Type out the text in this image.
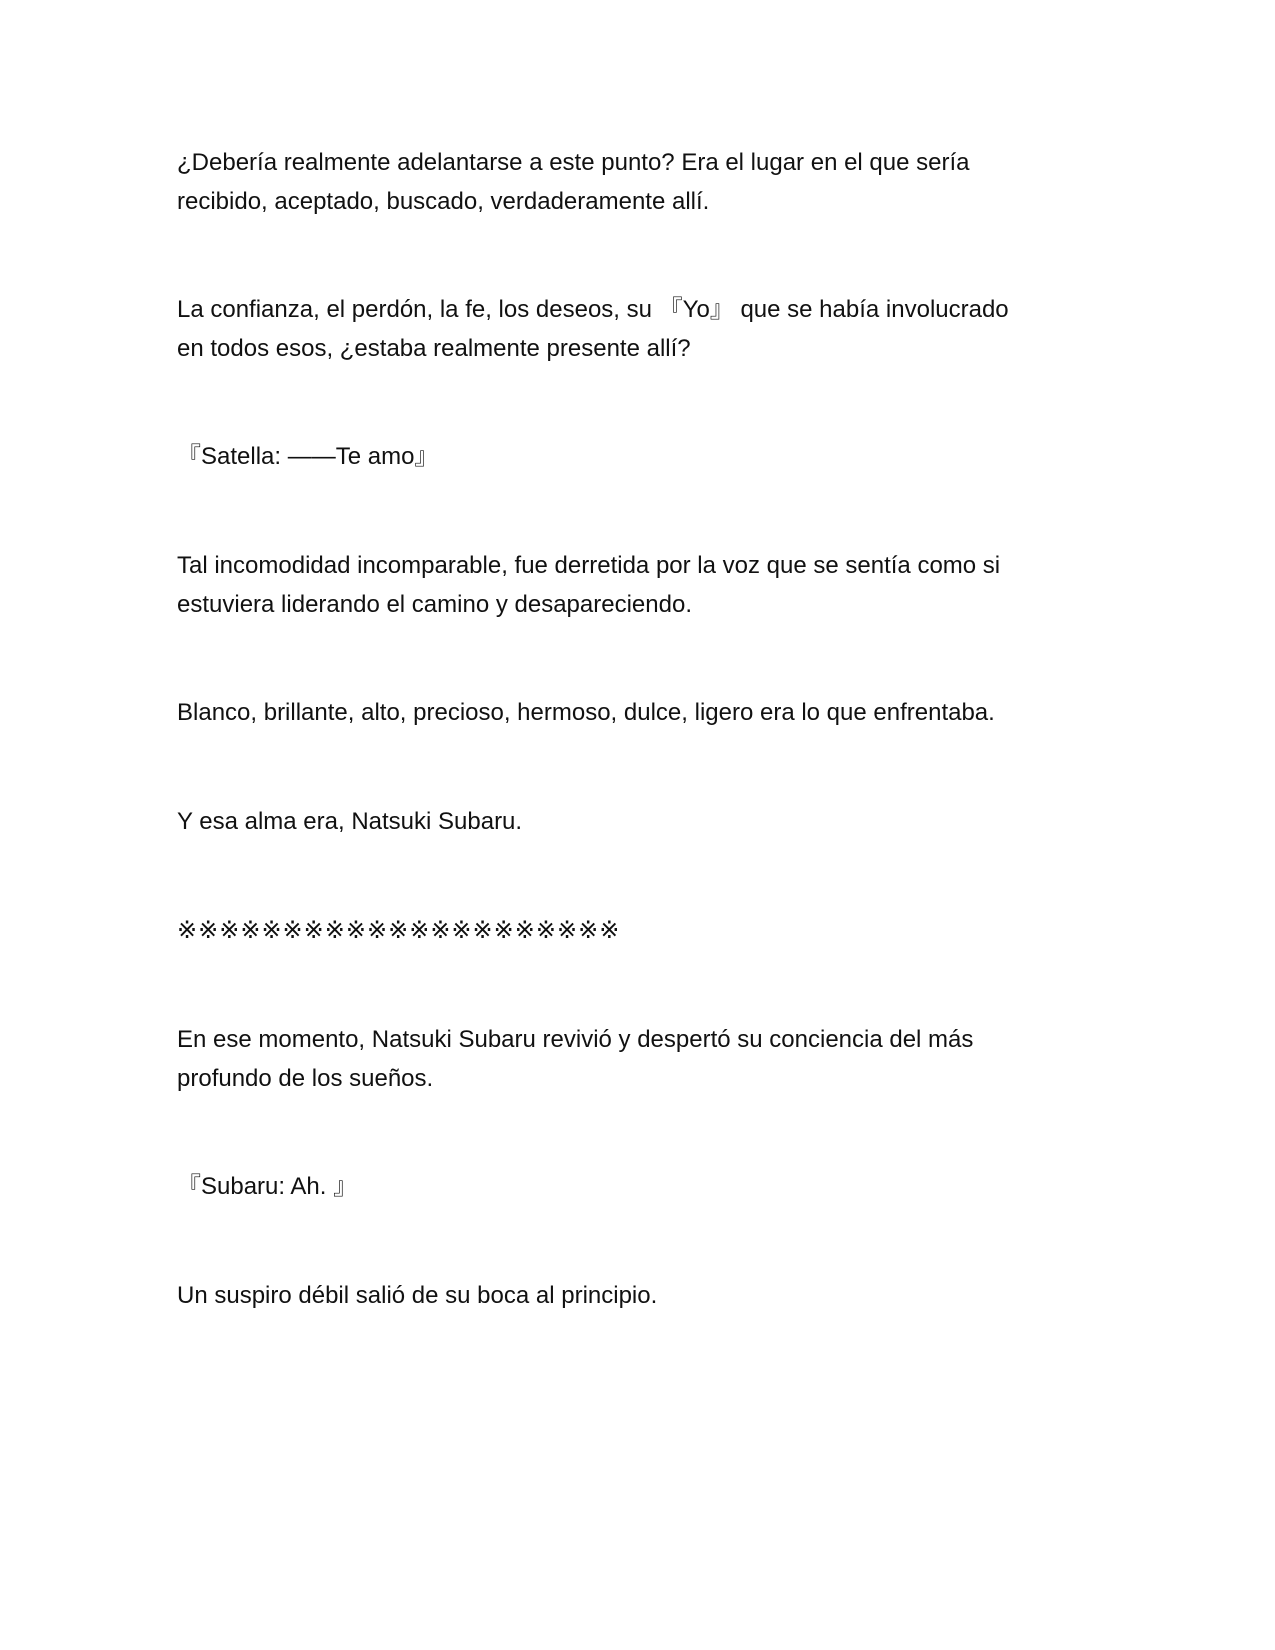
¿Debería realmente adelantarse a este punto? Era el lugar en el que sería
recibido, aceptado, buscado, verdaderamente allí.

La confianza, el perdón, la fe, los deseos, su 『Yo』 que se había involucrado
en todos esos, ¿estaba realmente presente allí?

『Satella: ――Te amo』

Tal incomodidad incomparable, fue derretida por la voz que se sentía como si
estuviera liderando el camino y desapareciendo.

Blanco, brillante, alto, precioso, hermoso, dulce, ligero era lo que enfrentaba.

Y esa alma era, Natsuki Subaru.

※※※※※※※※※※※※※※※※※※※※※

En ese momento, Natsuki Subaru revivió y despertó su conciencia del más
profundo de los sueños.

『Subaru: Ah. 』

Un suspiro débil salió de su boca al principio.
